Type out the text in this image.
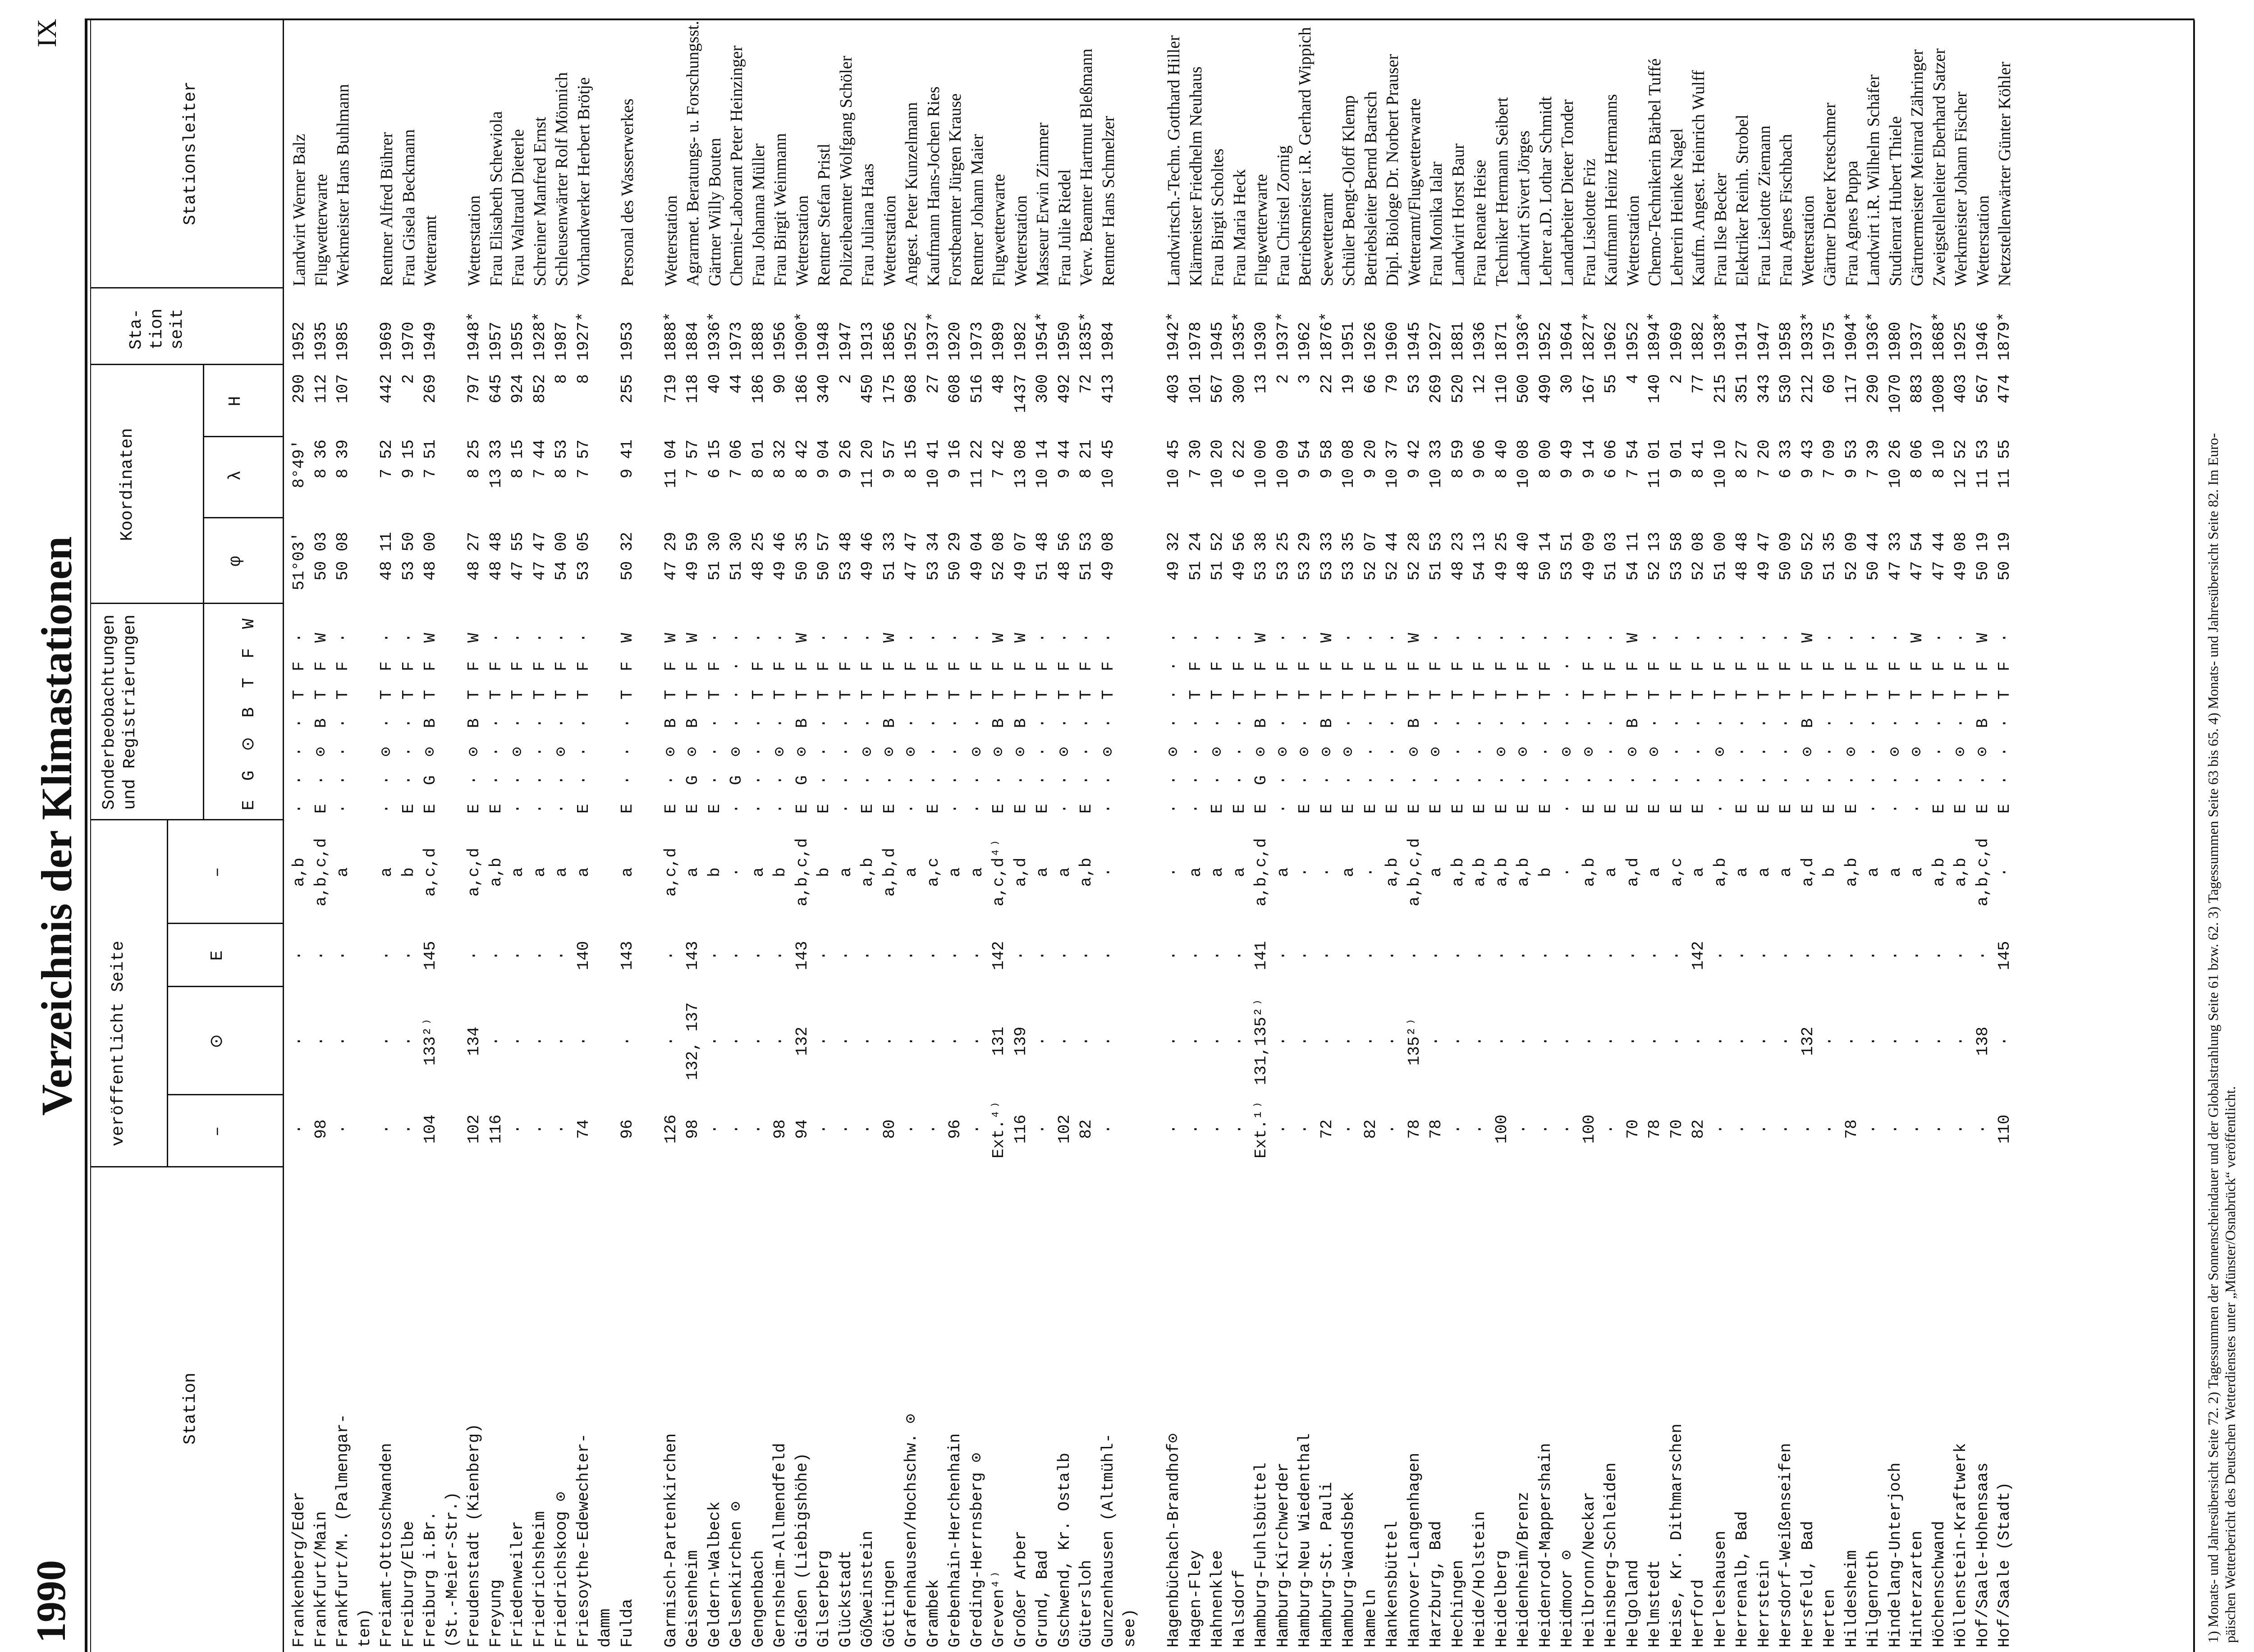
1990
Verzeichnis der Klimastationen
IX
Station
veröffentlicht Seite	–
⊙
E
–
Sonderbeobachtungen und Registrierungen	E G ⊙ B T F W
Koordinaten
φ
λ
H
Sta-tion seit
Stationsleiter
Frankenberg/Eder
·
·
·
a,b
· · · · T F ·
51°03'
8°49'
290
1952
Landwirt Werner Balz
Frankfurt/Main
98
·
·
a,b,c,d
E · ⊙ B T F W
50 03
8 36
112
1935
Flugwetterwarte
Frankfurt/M. (Palmengar-
·
·
·
a
· · · · T F ·
50 08
8 39
107
1985
Werkmeister Hans Buhlmann
ten) Freiamt-Ottoschwanden
·
·
·
a
· · ⊙ · T F ·
48 11
7 52
442
1969
Rentner Alfred Bührer
Freiburg/Elbe
·
·
·
b
E · · · T F ·
53 50
9 15
2
1970
Frau Gisela Beckmann
Freiburg i.Br.
104
133²⁾
145
a,c,d
E G ⊙ B T F W
48 00
7 51
269
1949
Wetteramt
(St.-Meier-Str.) Freudenstadt (Kienberg)
102
134
·
a,c,d
E · ⊙ B T F W
48 27
8 25
797
1948*
Wetterstation
Freyung
116
·
·
a,b
E · · · T F ·
48 48
13 33
645
1957
Frau Elisabeth Schewiola
Friedenweiler
·
·
·
a
· · ⊙ · T F ·
47 55
8 15
924
1955
Frau Waltraud Dieterle
Friedrichsheim
·
·
·
a
· · · · T F ·
47 47
7 44
852
1928*
Schreiner Manfred Ernst
Friedrichskoog ⊙
·
·
·
a
· · ⊙ · T F ·
54 00
8 53
8
1987
Schleusenwärter Rolf Mönnich
Friesoythe-Edewechter-
74
·
140
a
E · · · T F ·
53 05
7 57
8
1927*
Vorhandwerker Herbert Brötje
damm Fulda
96
·
143
a
E · · · T F W
50 32
9 41
255
1953
Personal des Wasserwerkes
Garmisch-Partenkirchen
126
·
·
a,c,d
E · ⊙ B T F W
47 29
11 04
719
1888*
Wetterstation
Geisenheim
98
132, 137
143
a
E G ⊙ B T F W
49 59
7 57
118
1884
Agrarmet. Beratungs- u. Forschungsst.
Geldern-Walbeck
·
·
·
b
E · · · T F ·
51 30
6 15
40
1936*
Gärtner Willy Bouten
Gelsenkirchen ⊙
·
·
·
·
· G ⊙ · · · ·
51 30
7 06
44
1973
Chemie-Laborant Peter Heinzinger
Gengenbach
·
·
·
a
· · · · T F ·
48 25
8 01
186
1888
Frau Johanna Müller
Gernsheim-Allmendfeld
98
·
·
b
· · ⊙ · T F ·
49 46
8 32
90
1956
Frau Birgit Weinmann
Gießen (Liebigshöhe)
94
132
143
a,b,c,d
E G ⊙ B T F W
50 35
8 42
186
1900*
Wetterstation
Gilserberg
·
·
·
b
E · · · T F ·
50 57
9 04
340
1948
Rentner Stefan Pristl
Glückstadt
·
·
·
a
· · · · T F ·
53 48
9 26
2
1947
Polizeibeamter Wolfgang Schöler
Gößweinstein
·
·
·
a,b
E · ⊙ · T F ·
49 46
11 20
450
1913
Frau Juliana Haas
Göttingen
80
·
·
a,b,d
E · ⊙ B T F W
51 33
9 57
175
1856
Wetterstation
Grafenhausen/Hochschw. ⊙
·
·
·
a
· · ⊙ · T F ·
47 47
8 15
968
1952
Angest. Peter Kunzelmann
Grambek
·
·
·
a,c
E · · · T F ·
53 34
10 41
27
1937*
Kaufmann Hans-Jochen Ries
Grebenhain-Herchenhain
96
·
·
a
· · · · T F ·
50 29
9 16
608
1920
Forstbeamter Jürgen Krause
Greding-Herrnsberg ⊙
·
·
·
a
· · ⊙ · T F ·
49 04
11 22
516
1973
Rentner Johann Maier
Greven⁴⁾
Ext.⁴⁾
131
142
a,c,d⁴⁾
E · ⊙ B T F W
52 08
7 42
48
1989
Flugwetterwarte
Großer Arber
116
139
·
a,d
E · ⊙ B T F W
49 07
13 08
1437
1982
Wetterstation
Grund, Bad
·
·
·
a
E · · · T F ·
51 48
10 14
300
1954*
Masseur Erwin Zimmer
Gschwend, Kr. Ostalb
102
·
·
a
· · ⊙ · T F ·
48 56
9 44
492
1950
Frau Julie Riedel
Gütersloh
82
·
·
a,b
E · · · T F ·
51 53
8 21
72
1835*
Verw. Beamter Hartmut Bleßmann
Gunzenhausen (Altmühl-
·
·
·
·
· · ⊙ · T F ·
49 08
10 45
413
1984
Rentner Hans Schmelzer
see) Hagenbüchach-Brandhof⊙
·
·
·
·
· · ⊙ · · · ·
49 32
10 45
403
1942*
Landwirtsch.-Techn. Gotthard Hiller
Hagen-Fley
·
·
·
a
· · · · T F ·
51 24
7 30
101
1978
Klärmeister Friedhelm Neuhaus
Hahnenklee
·
·
·
a
E · ⊙ · T F ·
51 52
10 20
567
1945
Frau Birgit Scholtes
Halsdorf
·
·
·
a
E · · · T F ·
49 56
6 22
300
1935*
Frau Maria Heck
Hamburg-Fuhlsbüttel
Ext.¹⁾
131,135²⁾
141
a,b,c,d
E G ⊙ B T F W
53 38
10 00
13
1930
Flugwetterwarte
Hamburg-Kirchwerder
·
·
·
a
· · ⊙ · T F ·
53 25
10 09
2
1937*
Frau Christel Zornig
Hamburg-Neu Wiedenthal
·
·
·
·
E · ⊙ · T F ·
53 29
9 54
3
1962
Betriebsmeister i.R. Gerhard Wippich
Hamburg-St. Pauli
72
·
·
·
E · ⊙ B T F W
53 33
9 58
22
1876*
Seewetteramt
Hamburg-Wandsbek
·
·
·
a
E · ⊙ · T F ·
53 35
10 08
19
1951
Schüler Bengt-Oloff Klemp
Hameln
82
·
·
·
E · · · T F ·
52 07
9 20
66
1926
Betriebsleiter Bernd Bartsch
Hankensbüttel
·
·
·
a,b
E · · · T F ·
52 44
10 37
79
1960
Dipl. Biologe Dr. Norbert Prauser
Hannover-Langenhagen
78
135²⁾
·
a,b,c,d
E · ⊙ B T F W
52 28
9 42
53
1945
Wetteramt/Flugwetterwarte
Harzburg, Bad
78
·
·
a
E · ⊙ · T F ·
51 53
10 33
269
1927
Frau Monika Ialar
Hechingen
·
·
·
a,b
E · · · T F ·
48 23
8 59
520
1881
Landwirt Horst Baur
Heide/Holstein
·
·
·
a,b
E · · · T F ·
54 13
9 06
12
1936
Frau Renate Heise
Heidelberg
100
·
·
a,b
E · ⊙ · T F ·
49 25
8 40
110
1871
Techniker Hermann Seibert
Heidenheim/Brenz
·
·
·
a,b
E · ⊙ · T F ·
48 40
10 08
500
1936*
Landwirt Sivert Jörges
Heidenrod-Mappershain
·
·
·
b
E · · · T F ·
50 14
8 00
490
1952
Lehrer a.D. Lothar Schmidt
Heidmoor ⊙
·
·
·
·
· · ⊙ · · · ·
53 51
9 49
30
1964
Landarbeiter Dieter Tonder
Heilbronn/Neckar
100
·
·
a,b
E · ⊙ · T F ·
49 09
9 14
167
1827*
Frau Liselotte Friz
Heinsberg-Schleiden
·
·
·
a
E · · · T F ·
51 03
6 06
55
1962
Kaufmann Heinz Hermanns
Helgoland
70
·
·
a,d
E · ⊙ B T F W
54 11
7 54
4
1952
Wetterstation
Helmstedt
78
·
·
a
E · ⊙ · T F ·
52 13
11 01
140
1894*
Chemo-Technikerin Bärbel Tuffé
Heise, Kr. Dithmarschen
70
·
·
a,c
E · · · T F ·
53 58
9 01
2
1969
Lehrerin Heinke Nagel
Herford
82
·
142
a
E · · · T F ·
52 08
8 41
77
1882
Kaufm. Angest. Heinrich Wulff
Herleshausen
·
·
·
a,b
· · ⊙ · T F ·
51 00
10 10
215
1938*
Frau Ilse Becker
Herrenalb, Bad
·
·
·
a
E · · · T F ·
48 48
8 27
351
1914
Elektriker Reinh. Strobel
Herrstein
·
·
·
a
E · · · T F ·
49 47
7 20
343
1947
Frau Liselotte Ziemann
Hersdorf-Weißenseifen
·
·
·
a
E · · · T F ·
50 09
6 33
530
1958
Frau Agnes Fischbach
Hersfeld, Bad
·
132
·
a,d
E · ⊙ B T F W
50 52
9 43
212
1933*
Wetterstation
Herten
·
·
·
b
E · · · T F ·
51 35
7 09
60
1975
Gärtner Dieter Kretschmer
Hildesheim
78
·
·
a,b
E · ⊙ · T F ·
52 09
9 53
117
1904*
Frau Agnes Puppa
Hilgenroth
·
·
·
a
· · · · T F ·
50 44
7 39
290
1936*
Landwirt i.R. Wilhelm Schäfer
Hindelang-Unterjoch
·
·
·
a
· · ⊙ · T F ·
47 33
10 26
1070
1980
Studienrat Hubert Thiele
Hinterzarten
·
·
·
a
· · ⊙ · T F W
47 54
8 06
883
1937
Gärtnermeister Meinrad Zähringer
Höchenschwand
·
·
·
a,b
E · · · T F ·
47 44
8 10
1008
1868*
Zweigstellenleiter Eberhard Satzer
Höllenstein-Kraftwerk
·
·
·
a,b
E · ⊙ · T F ·
49 08
12 52
403
1925
Werkmeister Johann Fischer
Hof/Saale-Hohensaas
·
138
·
a,b,c,d
E · ⊙ B T F W
50 19
11 53
567
1946
Wetterstation
Hof/Saale (Stadt)
110
·
145
·
E · · · T F ·
50 19
11 55
474
1879*
Netzstellenwärter Günter Köhler
1) Monats- und Jahresübersicht Seite 72. 2) Tagessummen der Sonnenscheindauer und der Globalstrahlung Seite 61 bzw. 62. 3) Tagessummen Seite 63 bis 65. 4) Monats- und Jahresübersicht Seite 82. Im Euro- päischen Wetterbericht des Deutschen Wetterdienstes unter „Münster/Osnabrück“ veröffentlicht.
